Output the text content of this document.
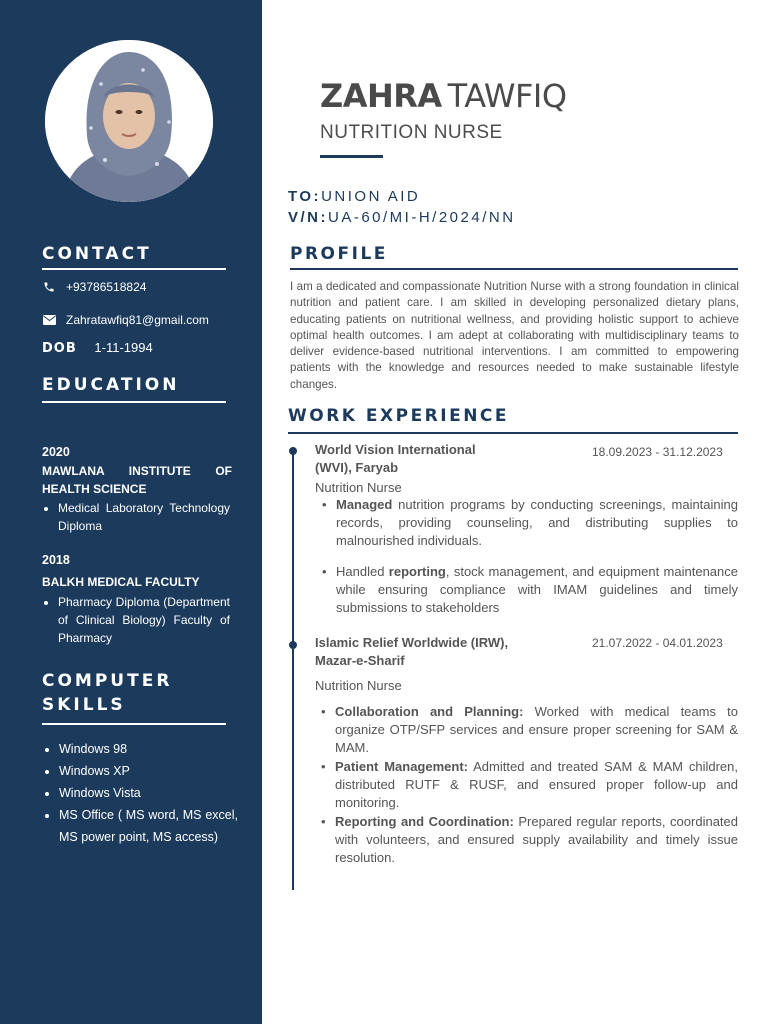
CONTACT
+93786518824
Zahratawfiq81@gmail.com
DOB 1-11-1994
EDUCATION
2020
MAWLANA INSTITUTE OF HEALTH SCIENCE
• Medical Laboratory Technology Diploma
2018
BALKH MEDICAL FACULTY
• Pharmacy Diploma (Department of Clinical Biology) Faculty of Pharmacy
COMPUTER
SKILLS
• Windows 98
• Windows XP
• Windows Vista
• MS Office ( MS word, MS excel, MS power point, MS access)
ZAHRA TAWFIQ
NUTRITION NURSE
TO:UNION AID
V/N:UA-60/MI-H/2024/NN
PROFILE

I am a dedicated and compassionate Nutrition Nurse with a strong foundation in clinical nutrition and patient care. I am skilled in developing personalized dietary plans, educating patients on nutritional wellness, and providing holistic support to achieve optimal health outcomes. I am adept at collaborating with multidisciplinary teams to deliver evidence-based nutritional interventions. I am committed to empowering patients with the knowledge and resources needed to make sustainable lifestyle changes.

WORK EXPERIENCE
World Vision International
(WVI), Faryab
18.09.2023 - 31.12.2023
Nutrition Nurse
• Managed nutrition programs by conducting screenings, maintaining records, providing counseling, and distributing supplies to malnourished individuals.
• Handled reporting, stock management, and equipment maintenance while ensuring compliance with IMAM guidelines and timely submissions to stakeholders
Islamic Relief Worldwide (IRW),
Mazar-e-Sharif
21.07.2022 - 04.01.2023
Nutrition Nurse
• Collaboration and Planning: Worked with medical teams to organize OTP/SFP services and ensure proper screening for SAM & MAM.
• Patient Management: Admitted and treated SAM & MAM children, distributed RUTF & RUSF, and ensured proper follow-up and monitoring.
• Reporting and Coordination: Prepared regular reports, coordinated with volunteers, and ensured supply availability and timely issue resolution.
